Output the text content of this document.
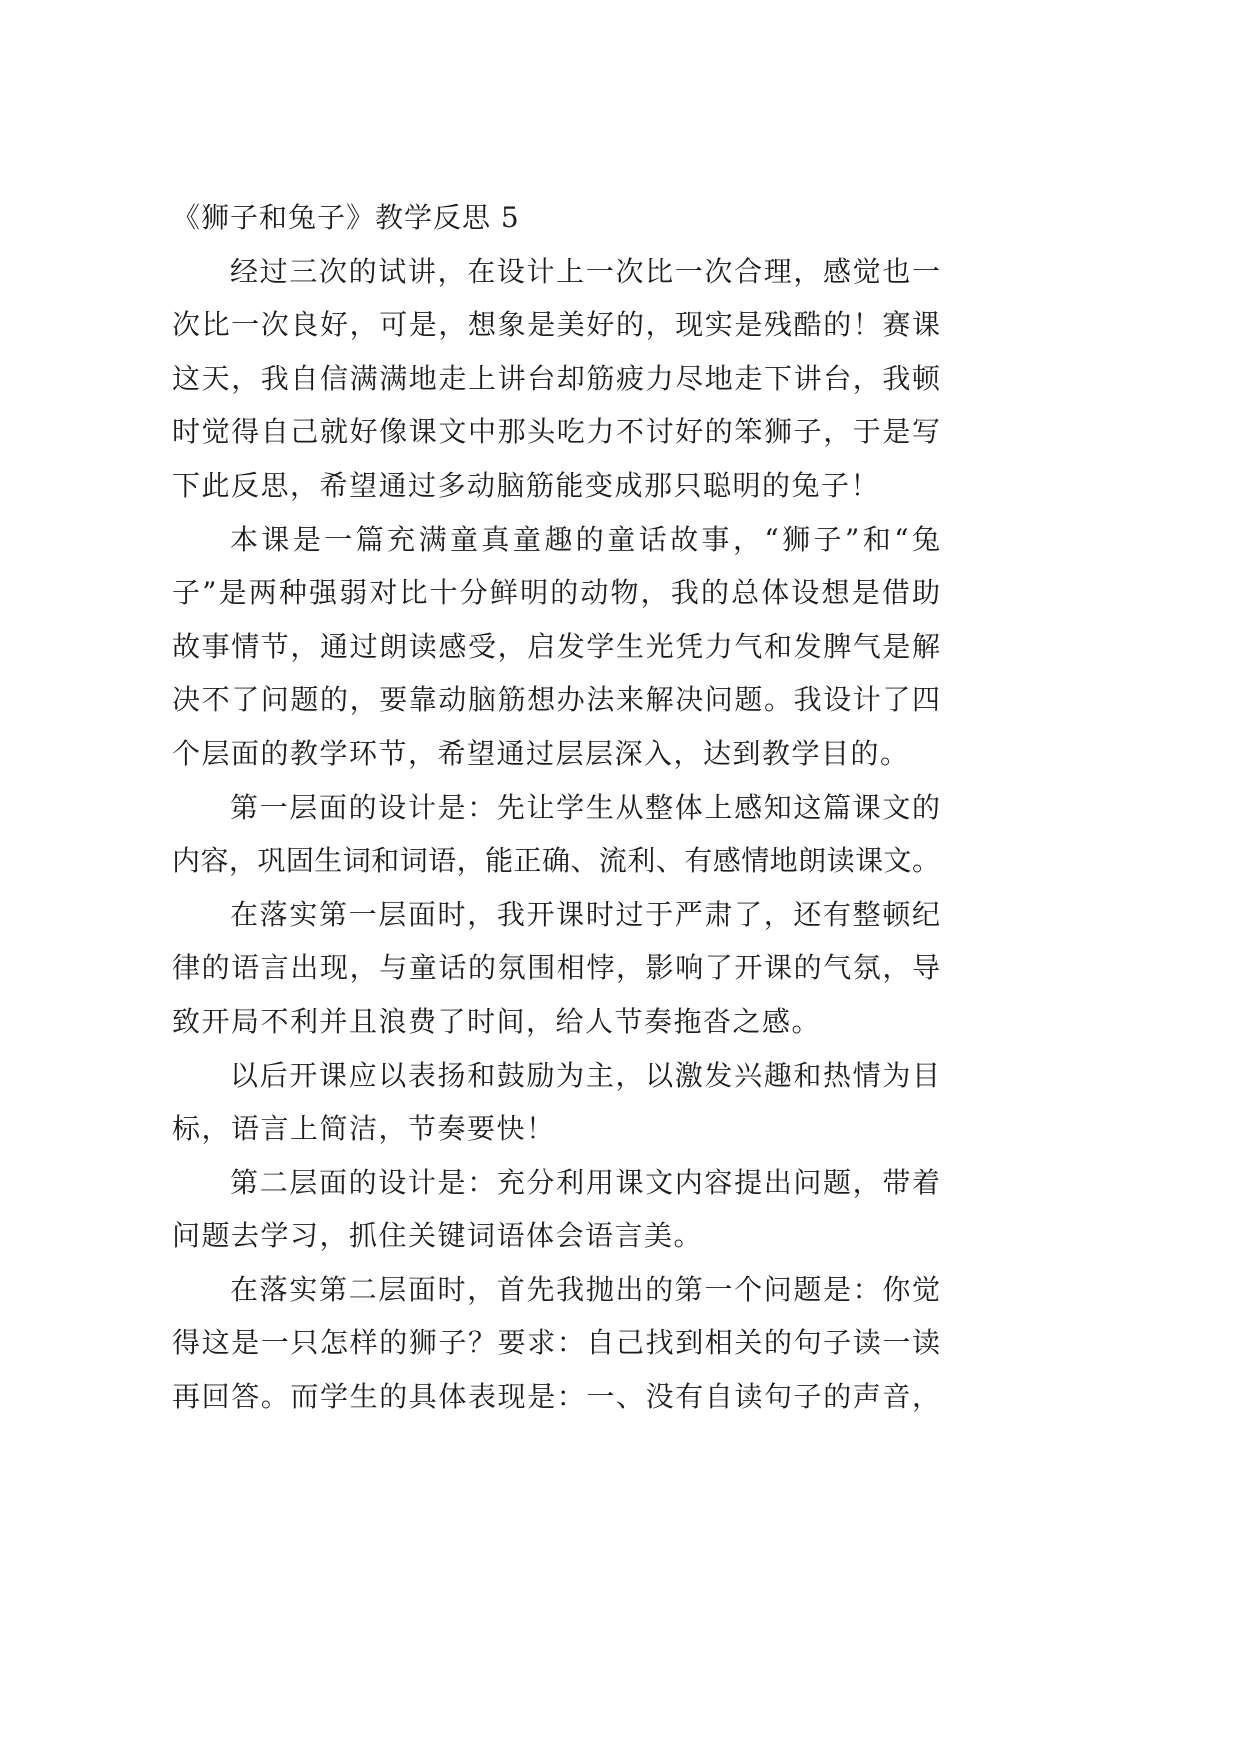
《狮子和兔子》教学反思 5
经过三次的试讲，在设计上一次比一次合理，感觉也一
次比一次良好，可是，想象是美好的，现实是残酷的！赛课
这天，我自信满满地走上讲台却筋疲力尽地走下讲台，我顿
时觉得自己就好像课文中那头吃力不讨好的笨狮子，于是写
下此反思，希望通过多动脑筋能变成那只聪明的兔子！
本课是一篇充满童真童趣的童话故事，“狮子”和“兔
子”是两种强弱对比十分鲜明的动物，我的总体设想是借助
故事情节，通过朗读感受，启发学生光凭力气和发脾气是解
决不了问题的，要靠动脑筋想办法来解决问题。我设计了四
个层面的教学环节，希望通过层层深入，达到教学目的。
第一层面的设计是：先让学生从整体上感知这篇课文的
内容，巩固生词和词语，能正确、流利、有感情地朗读课文。
在落实第一层面时，我开课时过于严肃了，还有整顿纪
律的语言出现，与童话的氛围相悖，影响了开课的气氛，导
致开局不利并且浪费了时间，给人节奏拖沓之感。
以后开课应以表扬和鼓励为主，以激发兴趣和热情为目
标，语言上简洁，节奏要快！
第二层面的设计是：充分利用课文内容提出问题，带着
问题去学习，抓住关键词语体会语言美。
在落实第二层面时，首先我抛出的第一个问题是：你觉
得这是一只怎样的狮子？要求：自己找到相关的句子读一读
再回答。而学生的具体表现是：一、没有自读句子的声音，
